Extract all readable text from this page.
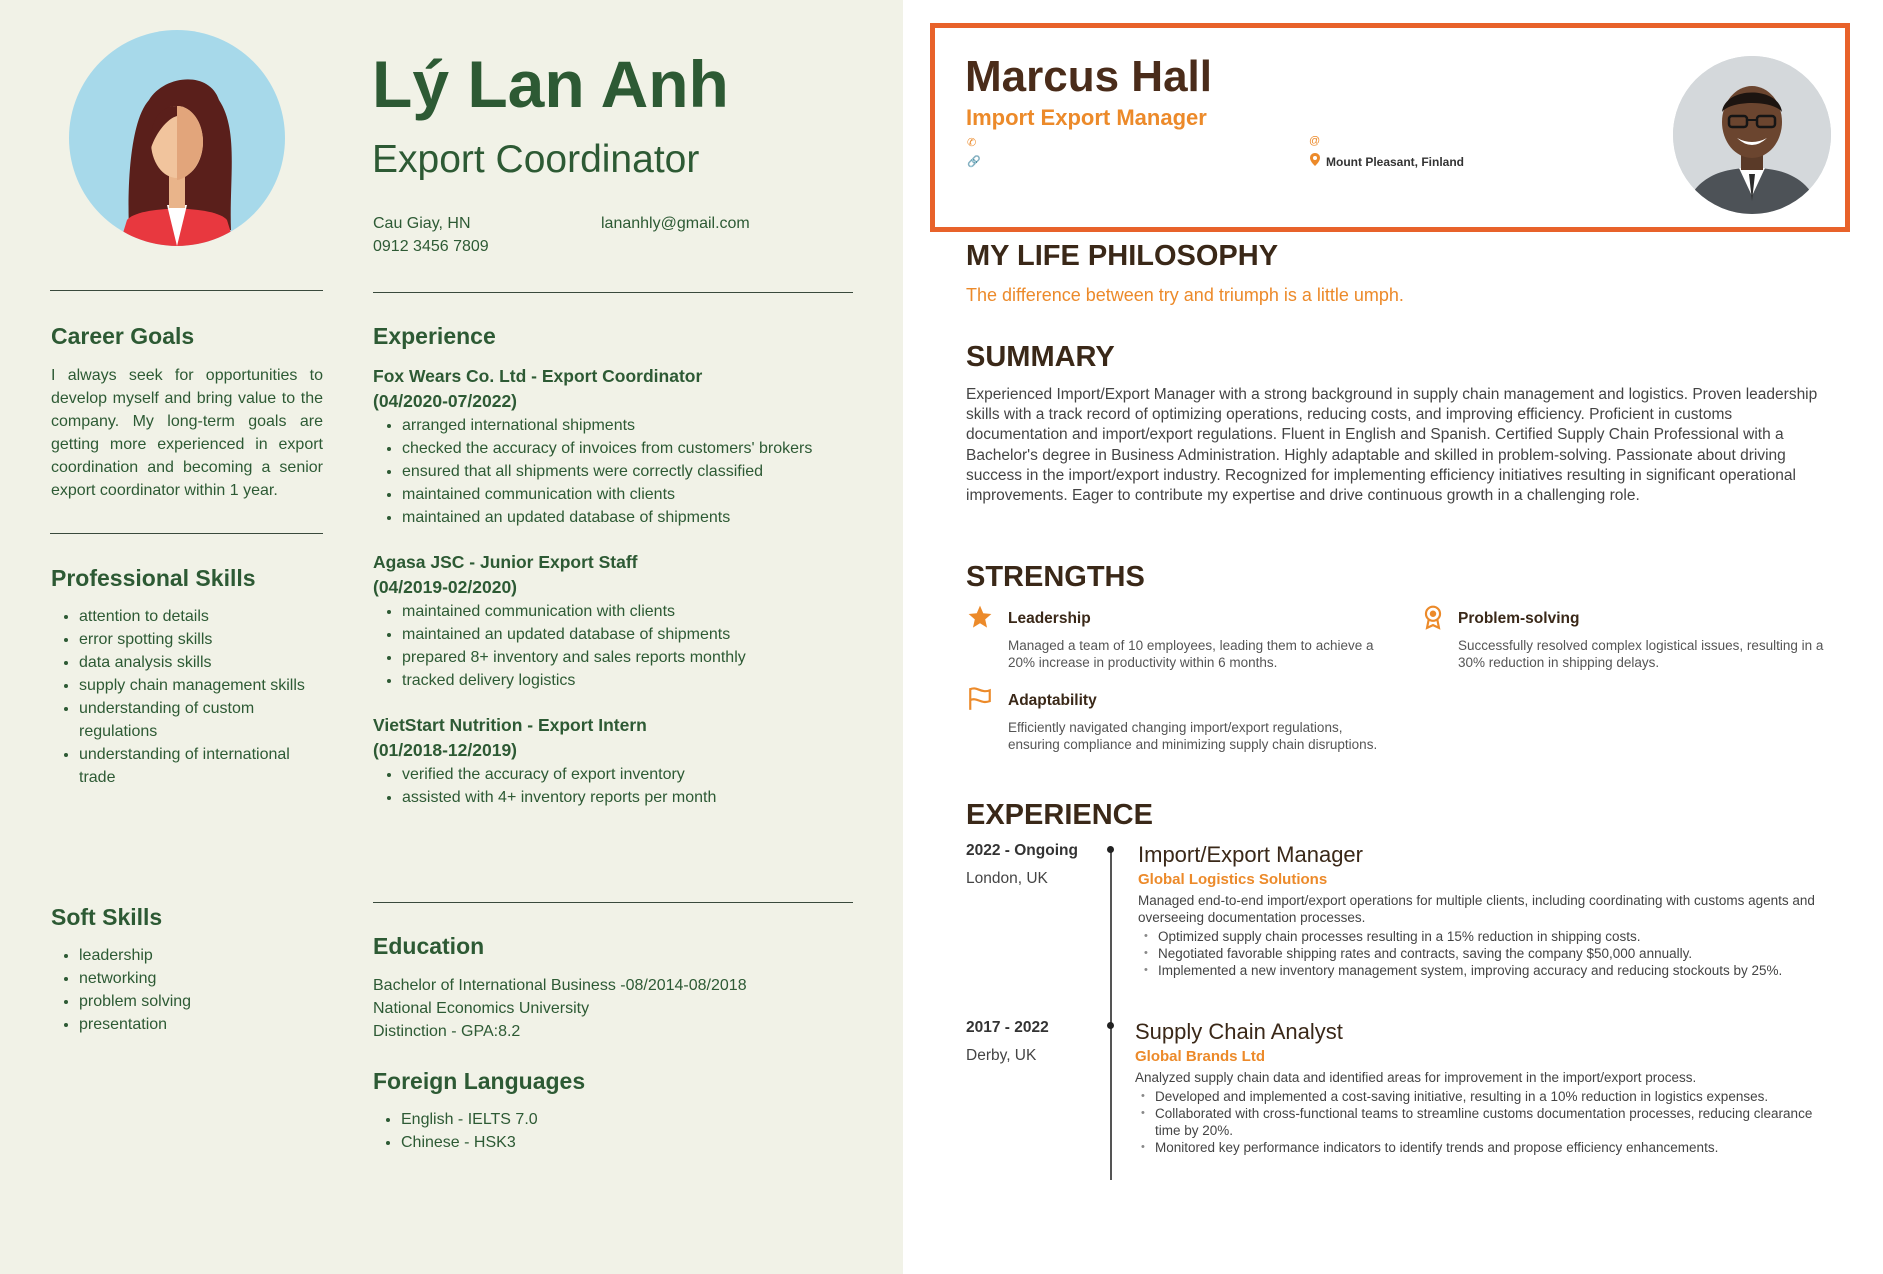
Lý Lan Anh
Export Coordinator
Cau Giay, HN
0912 3456 7809
lananhly@gmail.com
Career Goals
I always seek for opportunities to develop myself and bring value to the company. My long-term goals are getting more experienced in export coordination and becoming a senior export coordinator within 1 year.
Professional Skills
• attention to details
• error spotting skills
• data analysis skills
• supply chain management skills
• understanding of custom regulations
• understanding of international trade
Soft Skills
• leadership
• networking
• problem solving
• presentation
Experience
Fox Wears Co. Ltd - Export Coordinator
(04/2020-07/2022)
• arranged international shipments
• checked the accuracy of invoices from customers' brokers
• ensured that all shipments were correctly classified
• maintained communication with clients
• maintained an updated database of shipments
Agasa JSC - Junior Export Staff
(04/2019-02/2020)
• maintained communication with clients
• maintained an updated database of shipments
• prepared 8+ inventory and sales reports monthly
• tracked delivery logistics
VietStart Nutrition - Export Intern
(01/2018-12/2019)
• verified the accuracy of export inventory
• assisted with 4+ inventory reports per month
Education
Bachelor of International Business -08/2014-08/2018
National Economics University
Distinction - GPA:8.2
Foreign Languages
• English - IELTS 7.0
• Chinese - HSK3
Marcus Hall
Import Export Manager
✆
🔗
@
Mount Pleasant, Finland
MY LIFE PHILOSOPHY
The difference between try and triumph is a little umph.
SUMMARY
Experienced Import/Export Manager with a strong background in supply chain management and logistics. Proven leadership skills with a track record of optimizing operations, reducing costs, and improving efficiency. Proficient in customs documentation and import/export regulations. Fluent in English and Spanish. Certified Supply Chain Professional with a Bachelor's degree in Business Administration. Highly adaptable and skilled in problem-solving. Passionate about driving success in the import/export industry. Recognized for implementing efficiency initiatives resulting in significant operational improvements. Eager to contribute my expertise and drive continuous growth in a challenging role.
STRENGTHS
Leadership
Managed a team of 10 employees, leading them to achieve a 20% increase in productivity within 6 months.
Problem-solving
Successfully resolved complex logistical issues, resulting in a 30% reduction in shipping delays.
Adaptability
Efficiently navigated changing import/export regulations, ensuring compliance and minimizing supply chain disruptions.
EXPERIENCE
2022 - Ongoing
London, UK
Import/Export Manager
Global Logistics Solutions
Managed end-to-end import/export operations for multiple clients, including coordinating with customs agents and overseeing documentation processes.
• Optimized supply chain processes resulting in a 15% reduction in shipping costs.
• Negotiated favorable shipping rates and contracts, saving the company $50,000 annually.
• Implemented a new inventory management system, improving accuracy and reducing stockouts by 25%.
2017 - 2022
Derby, UK
Supply Chain Analyst
Global Brands Ltd
Analyzed supply chain data and identified areas for improvement in the import/export process.
• Developed and implemented a cost-saving initiative, resulting in a 10% reduction in logistics expenses.
• Collaborated with cross-functional teams to streamline customs documentation processes, reducing clearance time by 20%.
• Monitored key performance indicators to identify trends and propose efficiency enhancements.
